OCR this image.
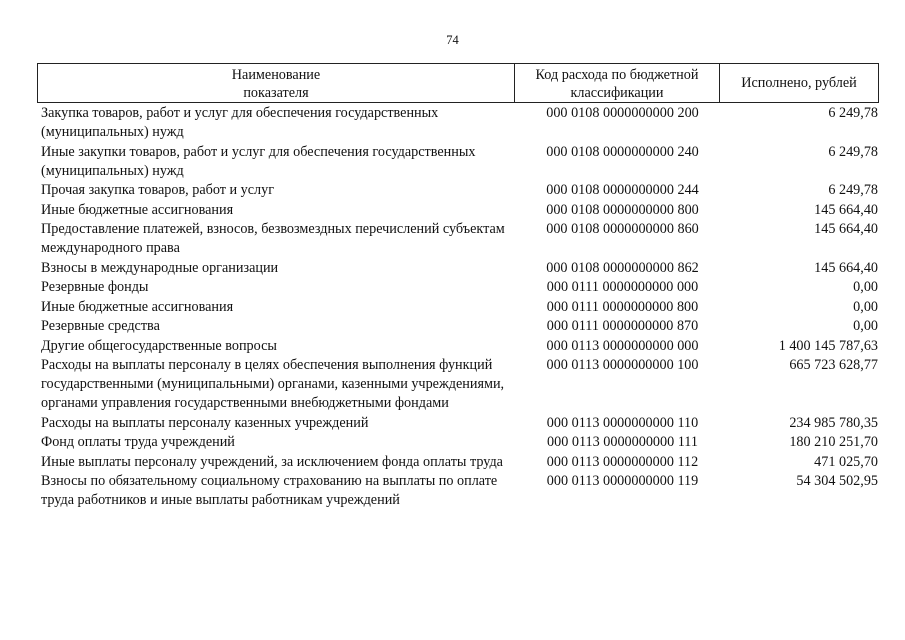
74
Наименование
показателя
Код расхода по бюджетной
классификации
Исполнено, рублей
Закупка товаров, работ и услуг для обеспечения государственных (муниципальных) нужд
000 0108 0000000000 200	6 249,78
Иные закупки товаров, работ и услуг для обеспечения государственных (муниципальных) нужд
000 0108 0000000000 240	6 249,78
Прочая закупка товаров, работ и услуг	000 0108 0000000000 244	6 249,78
Иные бюджетные ассигнования	000 0108 0000000000 800	145 664,40
Предоставление платежей, взносов, безвозмездных перечислений субъектам международного права
000 0108 0000000000 860	145 664,40
Взносы в международные организации	000 0108 0000000000 862	145 664,40
Резервные фонды	000 0111 0000000000 000	0,00
Иные бюджетные ассигнования	000 0111 0000000000 800	0,00
Резервные средства	000 0111 0000000000 870	0,00
Другие общегосударственные вопросы	000 0113 0000000000 000	1 400 145 787,63
Расходы на выплаты персоналу в целях обеспечения выполнения функций государственными (муниципальными) органами, казенными учреждениями, органами управления государственными внебюджетными фондами
000 0113 0000000000 100	665 723 628,77
Расходы на выплаты персоналу казенных учреждений	000 0113 0000000000 110	234 985 780,35
Фонд оплаты труда учреждений	000 0113 0000000000 111	180 210 251,70
Иные выплаты персоналу учреждений, за исключением фонда оплаты труда	000 0113 0000000000 112	471 025,70
Взносы по обязательному социальному страхованию на выплаты по оплате труда работников и иные выплаты работникам учреждений
000 0113 0000000000 119	54 304 502,95
